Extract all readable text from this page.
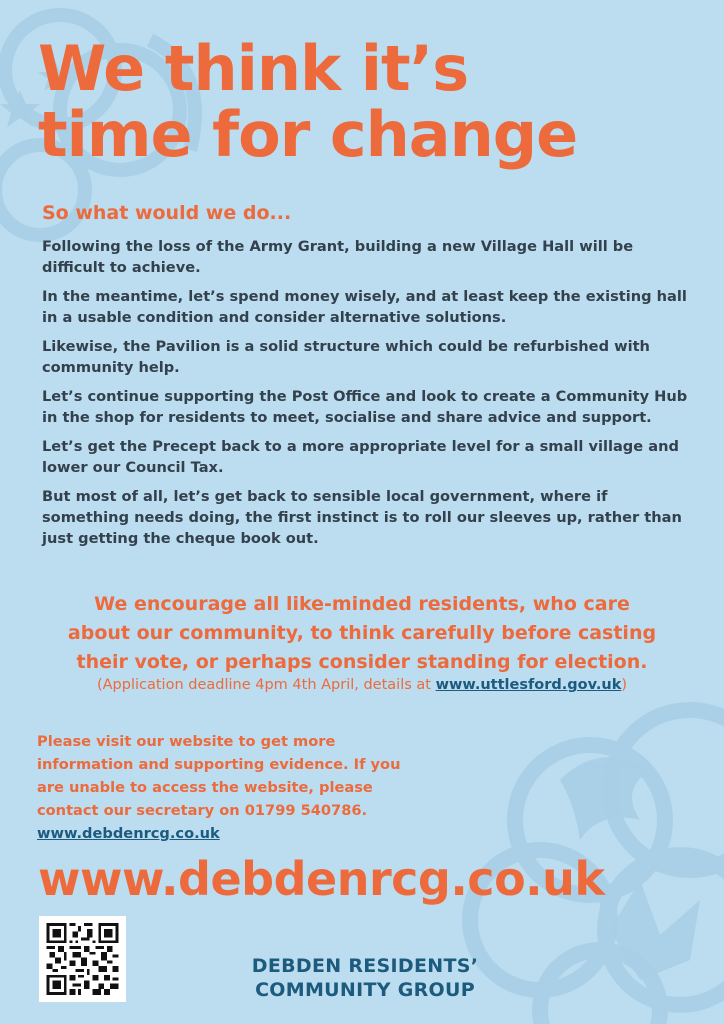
We think it’s
time for change
So what would we do...

Following the loss of the Army Grant, building a new Village Hall will be difficult to achieve.

In the meantime, let’s spend money wisely, and at least keep the existing hall in a usable condition and consider alternative solutions.

Likewise, the Pavilion is a solid structure which could be refurbished with community help.

Let’s continue supporting the Post Office and look to create a Community Hub in the shop for residents to meet, socialise and share advice and support.

Let’s get the Precept back to a more appropriate level for a small village and lower our Council Tax.

But most of all, let’s get back to sensible local government, where if something needs doing, the first instinct is to roll our sleeves up, rather than just getting the cheque book out.

We encourage all like-minded residents, who care
about our community, to think carefully before casting
their vote, or perhaps consider standing for election.
(Application deadline 4pm 4th April, details at www.uttlesford.gov.uk)
Please visit our website to get more
information and supporting evidence. If you
are unable to access the website, please
contact our secretary on 01799 540786.
www.debdenrcg.co.uk
www.debdenrcg.co.uk
DEBDEN RESIDENTS’
COMMUNITY GROUP
